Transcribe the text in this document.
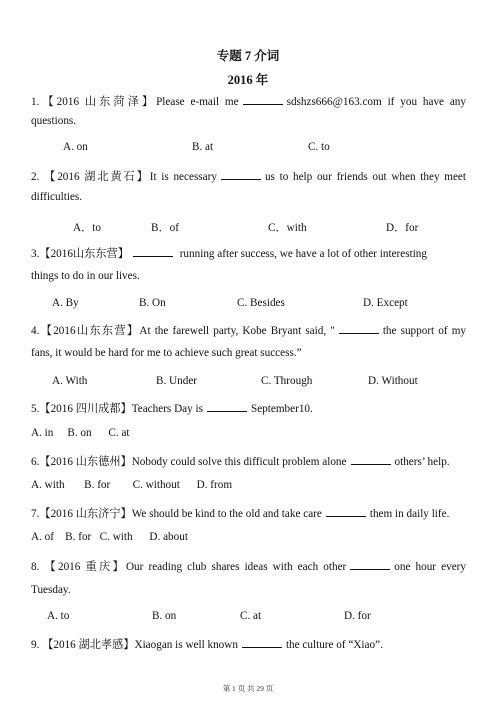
专题 7 介词
2016 年
1.【2016 山东菏泽】Please e-mail me	sdshzs666@163.com if you have any
questions.
A. on	B. at	C. to
2. 【2016 湖北黄石】It is necessary	us to help our friends out when they meet
difficulties.
A．to	B．of	C．with	D．for
3.【2016山东东营】	running after success, we have a lot of other interesting
things to do in our lives.
A. By	B. On	C. Besides	D. Except
4.【2016山东东营】At the farewell party, Kobe Bryant said, "	the support of my
fans, it would be hard for me to achieve such great success.”
A. With	B. Under	C. Through	D. Without
5.【2016 四川成都】Teachers Day is	September10.
A. in     B. on      C. at
6.【2016 山东德州】Nobody could solve this difficult problem alone	others’ help.
A. with       B. for        C. without      D. from
7.【2016 山东济宁】We should be kind to the old and take care	them in daily life.
A. of    B. for   C. with      D. about
8. 【2016 重庆】Our reading club shares ideas with each other	one hour every
Tuesday.
A. to	B. on	C. at	D. for
9. 【2016 湖北孝感】Xiaogan is well known	the culture of “Xiao”.
第 1 页 共 29 页
